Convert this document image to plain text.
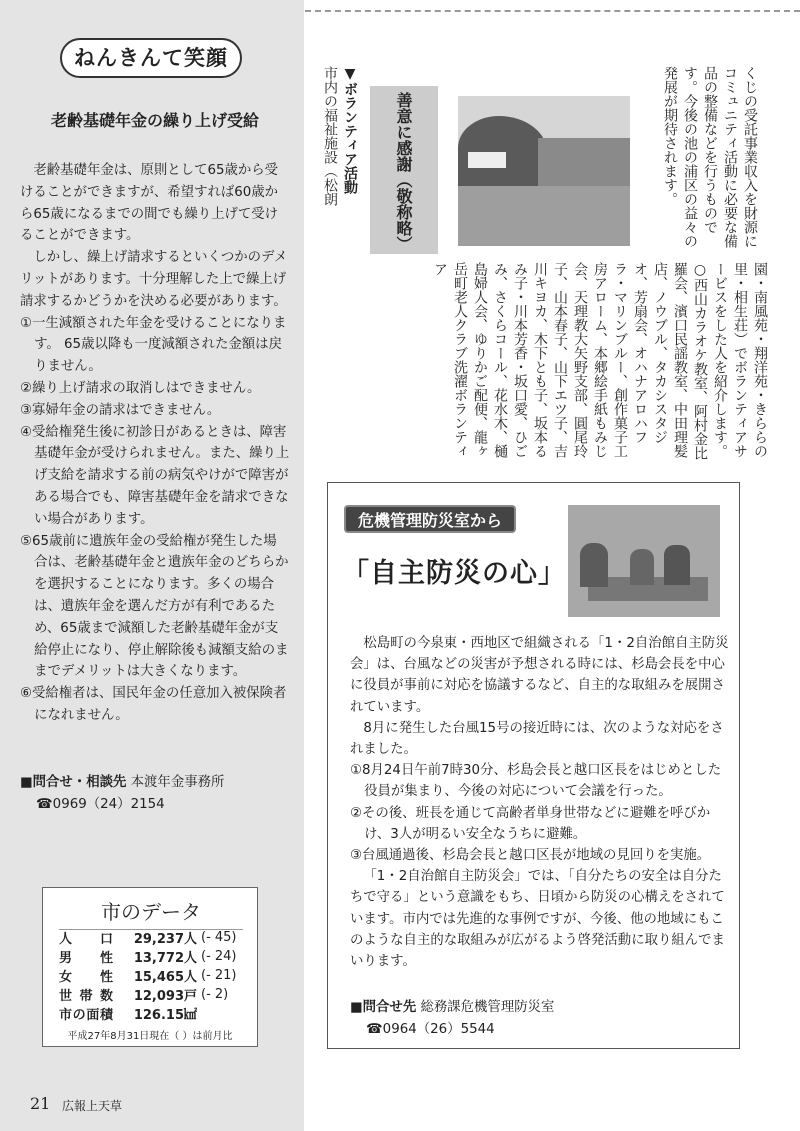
ねんきんて笑顔
老齢基礎年金の繰り上げ受給

老齢基礎年金は、原則として65歳から受けることができますが、希望すれば60歳から65歳になるまでの間でも繰り上げて受けることができます。

しかし、繰上げ請求するといくつかのデメリットがあります。十分理解した上で繰上げ請求するかどうかを決める必要があります。

①一生減額された年金を受けることになります。 65歳以降も一度減額された金額は戻りません。
②繰り上げ請求の取消しはできません。
③寡婦年金の請求はできません。
④受給権発生後に初診日があるときは、障害基礎年金が受けられません。また、繰り上げ支給を請求する前の病気やけがで障害がある場合でも、障害基礎年金を請求できない場合があります。
⑤65歳前に遺族年金の受給権が発生した場合は、老齢基礎年金と遺族年金のどちらかを選択することになります。多くの場合は、遺族年金を選んだ方が有利であるため、65歳まで減額した老齢基礎年金が支給停止になり、停止解除後も減額支給のままでデメリットは大きくなります。
⑥受給権者は、国民年金の任意加入被保険者になれません。
■問合せ・相談先 本渡年金事務所
☎0969（24）2154
市のデータ
人口	29,237人	(- 45)
男性	13,772人	(- 24)
女性	15,465人	(- 21)
世帯数	12,093戸	(- 2)
市の面積	126.15㎢	
平成27年8月31日現在（ ）は前月比
21 広報上天草
くじの受託事業収入を財源にコミュニティ活動に必要な備品の整備などを行うものです。今後の池の浦区の益々の発展が期待されます。
善意に感謝（敬称略）
▼ボランティア活動
市内の福祉施設（松朗
園・南風苑・翔洋苑・きららの里・相生荘）でボランティアサービスをした人を紹介します。 ○西山カラオケ教室、阿村金比羅会、濱口民謡教室、中田理髪店、ノウブル、タカシスタジオ、芳扇会、オハナアロハフラ・マリンブルー、創作菓子工房アローム、本郷絵手紙もみじ会、天理教大矢野支部、圓尾玲子、山本春子、山下エツ子、吉川キヨカ、木下とも子、坂本るみ子・川本芳香・坂口愛、ひごみ、さくらコール、花水木、樋島婦人会、ゆりかご配便、龍ヶ岳町老人クラブ洗濯ボランティア
危機管理防災室から
「自主防災の心」

松島町の今泉東・西地区で組織される「1・2自治館自主防災会」は、台風などの災害が予想される時には、杉島会長を中心に役員が事前に対応を協議するなど、自主的な取組みを展開されています。

8月に発生した台風15号の接近時には、次のような対応をされました。

①8月24日午前7時30分、杉島会長と越口区長をはじめとした役員が集まり、今後の対応について会議を行った。
②その後、班長を通じて高齢者単身世帯などに避難を呼びかけ、3人が明るい安全なうちに避難。
③台風通過後、杉島会長と越口区長が地域の見回りを実施。

「1・2自治館自主防災会」では、「自分たちの安全は自分たちで守る」という意識をもち、日頃から防災の心構えをされています。市内では先進的な事例ですが、今後、他の地域にもこのような自主的な取組みが広がるよう啓発活動に取り組んでまいります。

■問合せ先 総務課危機管理防災室
☎0964（26）5544
